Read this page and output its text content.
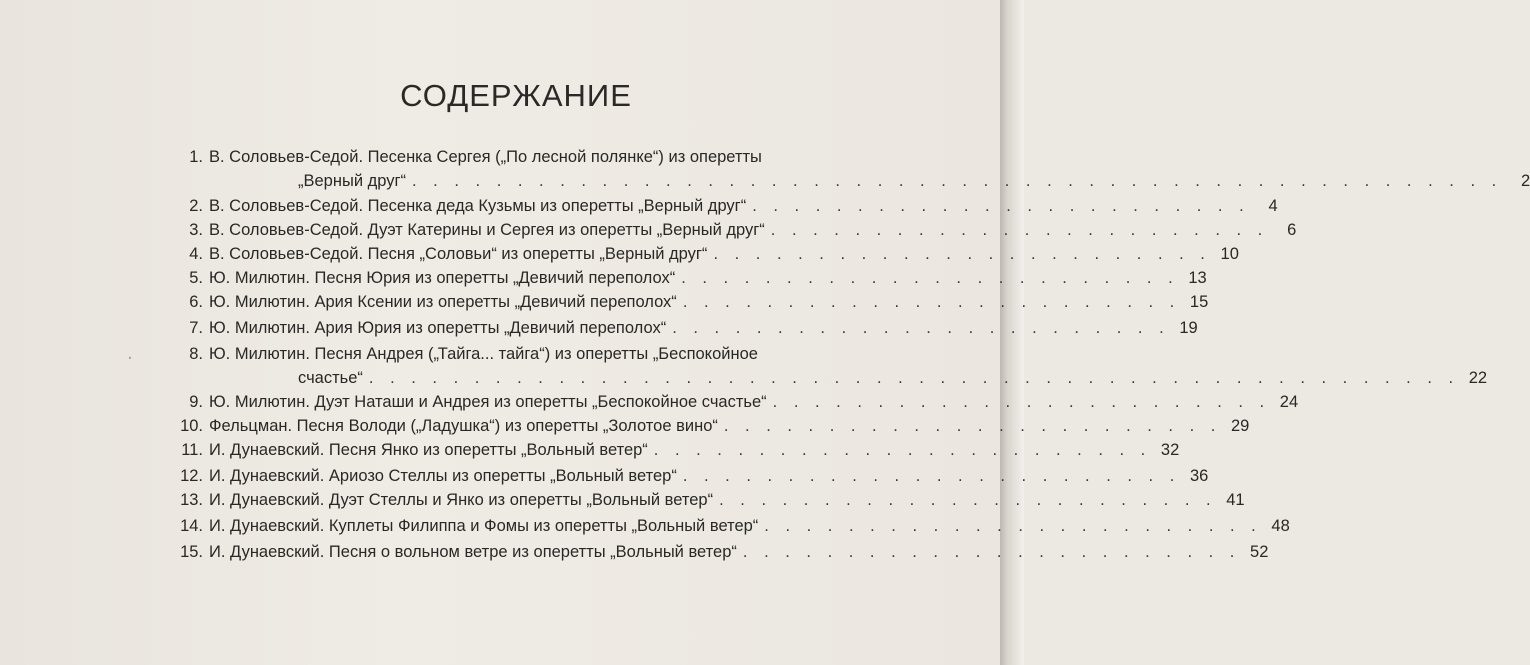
ʹ
СОДЕРЖАНИЕ
1. В. Соловьев-Седой. Песенка Сергея („По лесной полянке“) из оперетты
„Верный друг“ . . . . . . . . . . . . . . . . . . . . . . . . . . . . . . . . . . . . . . . . . . . . . . . . . . . .	2
2. В. Соловьев-Седой. Песенка деда Кузьмы из оперетты „Верный друг“ . . . . . . . . . . . . . . . . . . . . . . . .	4
3. В. Соловьев-Седой. Дуэт Катерины и Сергея из оперетты „Верный друг“ . . . . . . . . . . . . . . . . . . . . . . . .	6
4. В. Соловьев-Седой. Песня „Соловьи“ из оперетты „Верный друг“ . . . . . . . . . . . . . . . . . . . . . . . . 10
5. Ю. Милютин. Песня Юрия из оперетты „Девичий переполох“ . . . . . . . . . . . . . . . . . . . . . . . . 13
6. Ю. Милютин. Ария Ксении из оперетты „Девичий переполох“ . . . . . . . . . . . . . . . . . . . . . . . . 15
7. Ю. Милютин. Ария Юрия из оперетты „Девичий переполох“ . . . . . . . . . . . . . . . . . . . . . . . . 19
8. Ю. Милютин. Песня Андрея („Тайга... тайга“) из оперетты „Беспокойное
счастье“ . . . . . . . . . . . . . . . . . . . . . . . . . . . . . . . . . . . . . . . . . . . . . . . . . . . . 22
9. Ю. Милютин. Дуэт Наташи и Андрея из оперетты „Беспокойное счастье“ . . . . . . . . . . . . . . . . . . . . . . . . 24
10. Фельцман. Песня Володи („Ладушка“) из оперетты „Золотое вино“ . . . . . . . . . . . . . . . . . . . . . . . . 29
11. И. Дунаевский. Песня Янко из оперетты „Вольный ветер“ . . . . . . . . . . . . . . . . . . . . . . . . 32
12. И. Дунаевский. Ариозо Стеллы из оперетты „Вольный ветер“ . . . . . . . . . . . . . . . . . . . . . . . . 36
13. И. Дунаевский. Дуэт Стеллы и Янко из оперетты „Вольный ветер“ . . . . . . . . . . . . . . . . . . . . . . . . 41
14. И. Дунаевский. Куплеты Филиппа и Фомы из оперетты „Вольный ветер“ . . . . . . . . . . . . . . . . . . . . . . . . 48
15. И. Дунаевский. Песня о вольном ветре из оперетты „Вольный ветер“ . . . . . . . . . . . . . . . . . . . . . . . . 52
